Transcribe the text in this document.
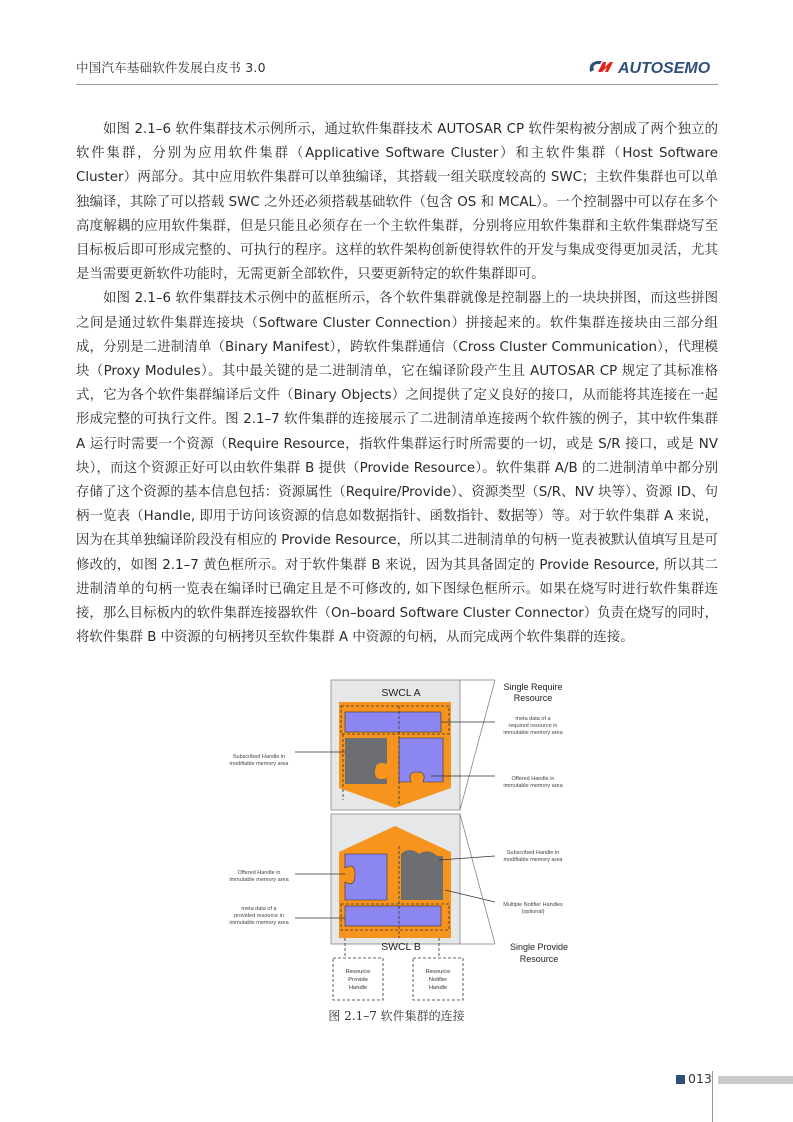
中国汽车基础软件发展白皮书 3.0	AUTOSEMO

如图 2.1–6 软件集群技术示例所示，通过软件集群技术 AUTOSAR CP 软件架构被分割成了两个独立的软件集群，分别为应用软件集群（Applicative Software Cluster）和主软件集群（Host Software Cluster）两部分。其中应用软件集群可以单独编译，其搭载一组关联度较高的 SWC；主软件集群也可以单独编译，其除了可以搭载 SWC 之外还必须搭载基础软件（包含 OS 和 MCAL）。一个控制器中可以存在多个高度解耦的应用软件集群，但是只能且必须存在一个主软件集群，分别将应用软件集群和主软件集群烧写至目标板后即可形成完整的、可执行的程序。这样的软件架构创新使得软件的开发与集成变得更加灵活，尤其是当需要更新软件功能时，无需更新全部软件，只要更新特定的软件集群即可。

如图 2.1–6 软件集群技术示例中的蓝框所示，各个软件集群就像是控制器上的一块块拼图，而这些拼图之间是通过软件集群连接块（Software Cluster Connection）拼接起来的。软件集群连接块由三部分组成，分别是二进制清单（Binary Manifest），跨软件集群通信（Cross Cluster Communication），代理模块（Proxy Modules）。其中最关键的是二进制清单，它在编译阶段产生且 AUTOSAR CP 规定了其标准格式，它为各个软件集群编译后文件（Binary Objects）之间提供了定义良好的接口，从而能将其连接在一起形成完整的可执行文件。图 2.1–7 软件集群的连接展示了二进制清单连接两个软件簇的例子，其中软件集群 A 运行时需要一个资源（Require Resource，指软件集群运行时所需要的一切，或是 S/R 接口，或是 NV 块），而这个资源正好可以由软件集群 B 提供（Provide Resource）。软件集群 A/B 的二进制清单中都分别存储了这个资源的基本信息包括：资源属性（Require/Provide）、资源类型（S/R、NV 块等）、资源 ID、句柄一览表（Handle, 即用于访问该资源的信息如数据指针、函数指针、数据等）等。对于软件集群 A 来说，因为在其单独编译阶段没有相应的 Provide Resource，所以其二进制清单的句柄一览表被默认值填写且是可修改的，如图 2.1–7 黄色框所示。对于软件集群 B 来说，因为其具备固定的 Provide Resource, 所以其二进制清单的句柄一览表在编译时已确定且是不可修改的, 如下图绿色框所示。如果在烧写时进行软件集群连接，那么目标板内的软件集群连接器软件（On–board Software Cluster Connector）负责在烧写的同时，将软件集群 B 中资源的句柄拷贝至软件集群 A 中资源的句柄，从而完成两个软件集群的连接。

SWCL A
SWCL B
Single Require
Resource
meta data of a
required resource in
immutable memory area
Offered Handle in
immutable memory area
Subscribed Handle in
modifiable memory area
Multiple Notifier Handles
(optional)
Single Provide
Resource
Subscribed Handle in
modifiable memory area
Offered Handle in
immutable memory area
meta data of a
provided resource in
immutable memory area
Resource
Provide
Handle
Resource
Notifier
Handle
图 2.1–7 软件集群的连接
013
